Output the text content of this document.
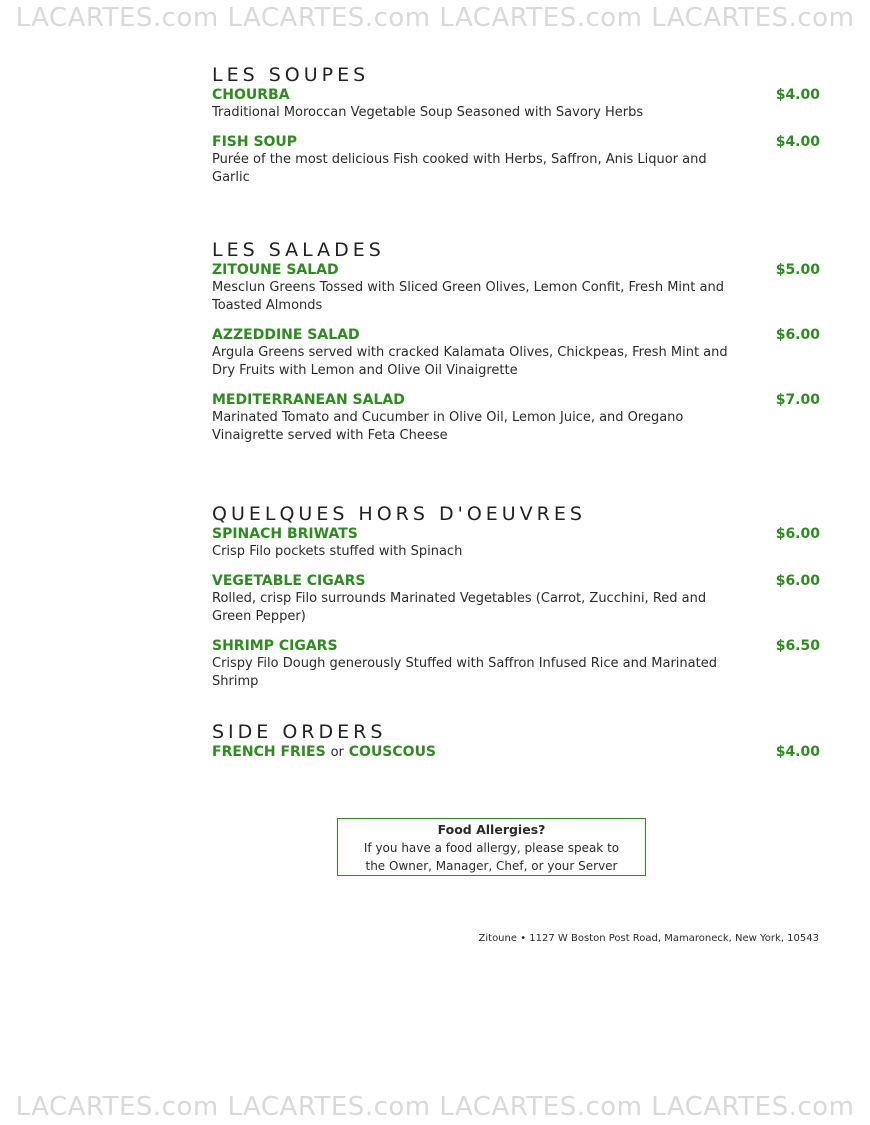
LACARTES.com LACARTES.com LACARTES.com LACARTES.com
LES SOUPES
CHOURBA	$4.00
Traditional Moroccan Vegetable Soup Seasoned with Savory Herbs
FISH SOUP	$4.00
Purée of the most delicious Fish cooked with Herbs, Saffron, Anis Liquor and Garlic
LES SALADES
ZITOUNE SALAD	$5.00
Mesclun Greens Tossed with Sliced Green Olives, Lemon Confit, Fresh Mint and Toasted Almonds
AZZEDDINE SALAD	$6.00
Argula Greens served with cracked Kalamata Olives, Chickpeas, Fresh Mint and Dry Fruits with Lemon and Olive Oil Vinaigrette
MEDITERRANEAN SALAD	$7.00
Marinated Tomato and Cucumber in Olive Oil, Lemon Juice, and Oregano Vinaigrette served with Feta Cheese
QUELQUES HORS D'OEUVRES
SPINACH BRIWATS	$6.00
Crisp Filo pockets stuffed with Spinach
VEGETABLE CIGARS	$6.00
Rolled, crisp Filo surrounds Marinated Vegetables (Carrot, Zucchini, Red and Green Pepper)
SHRIMP CIGARS	$6.50
Crispy Filo Dough generously Stuffed with Saffron Infused Rice and Marinated Shrimp
SIDE ORDERS
FRENCH FRIES or COUSCOUS	$4.00
Food Allergies?
If you have a food allergy, please speak to
the Owner, Manager, Chef, or your Server
Zitoune • 1127 W Boston Post Road, Mamaroneck, New York, 10543
LACARTES.com LACARTES.com LACARTES.com LACARTES.com
